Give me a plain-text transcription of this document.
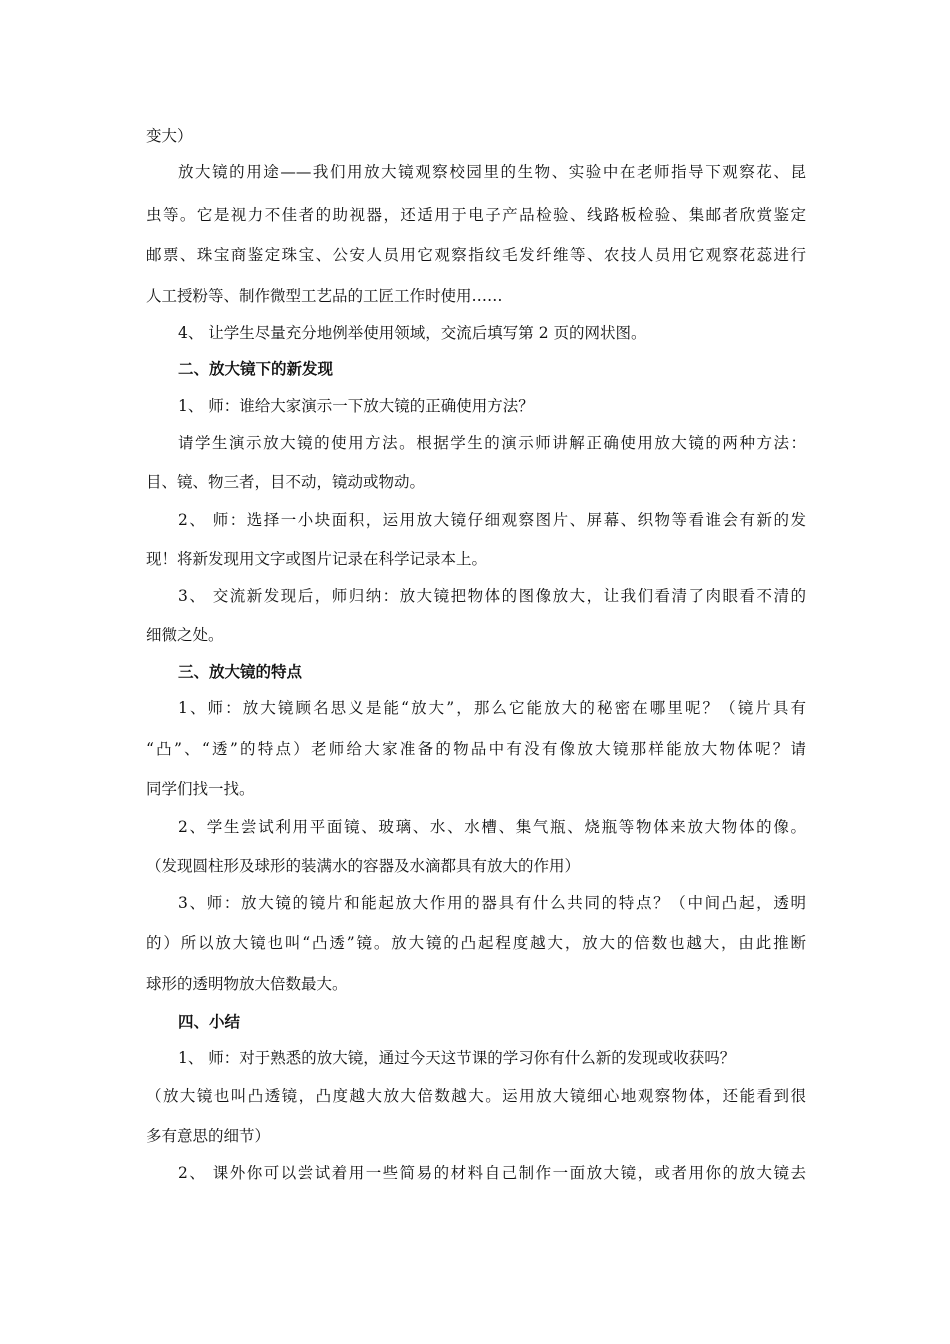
变大）
放大镜的用途——我们用放大镜观察校园里的生物、实验中在老师指导下观察花、昆
虫等。它是视力不佳者的助视器，还适用于电子产品检验、线路板检验、集邮者欣赏鉴定
邮票、珠宝商鉴定珠宝、公安人员用它观察指纹毛发纤维等、农技人员用它观察花蕊进行
人工授粉等、制作微型工艺品的工匠工作时使用……
4、 让学生尽量充分地例举使用领域，交流后填写第 2 页的网状图。
二、放大镜下的新发现
1、 师：谁给大家演示一下放大镜的正确使用方法？
请学生演示放大镜的使用方法。根据学生的演示师讲解正确使用放大镜的两种方法：
目、镜、物三者，目不动，镜动或物动。
2、 师：选择一小块面积，运用放大镜仔细观察图片、屏幕、织物等看谁会有新的发
现！将新发现用文字或图片记录在科学记录本上。
3、 交流新发现后，师归纳：放大镜把物体的图像放大，让我们看清了肉眼看不清的
细微之处。
三、放大镜的特点
1、师：放大镜顾名思义是能“放大”，那么它能放大的秘密在哪里呢？（镜片具有
“凸”、“透”的特点）老师给大家准备的物品中有没有像放大镜那样能放大物体呢？请
同学们找一找。
2、学生尝试利用平面镜、玻璃、水、水槽、集气瓶、烧瓶等物体来放大物体的像。
（发现圆柱形及球形的装满水的容器及水滴都具有放大的作用）
3、师：放大镜的镜片和能起放大作用的器具有什么共同的特点？（中间凸起，透明
的）所以放大镜也叫“凸透”镜。放大镜的凸起程度越大，放大的倍数也越大，由此推断
球形的透明物放大倍数最大。
四、小结
1、 师：对于熟悉的放大镜，通过今天这节课的学习你有什么新的发现或收获吗？
（放大镜也叫凸透镜，凸度越大放大倍数越大。运用放大镜细心地观察物体，还能看到很
多有意思的细节）
2、 课外你可以尝试着用一些简易的材料自己制作一面放大镜，或者用你的放大镜去
